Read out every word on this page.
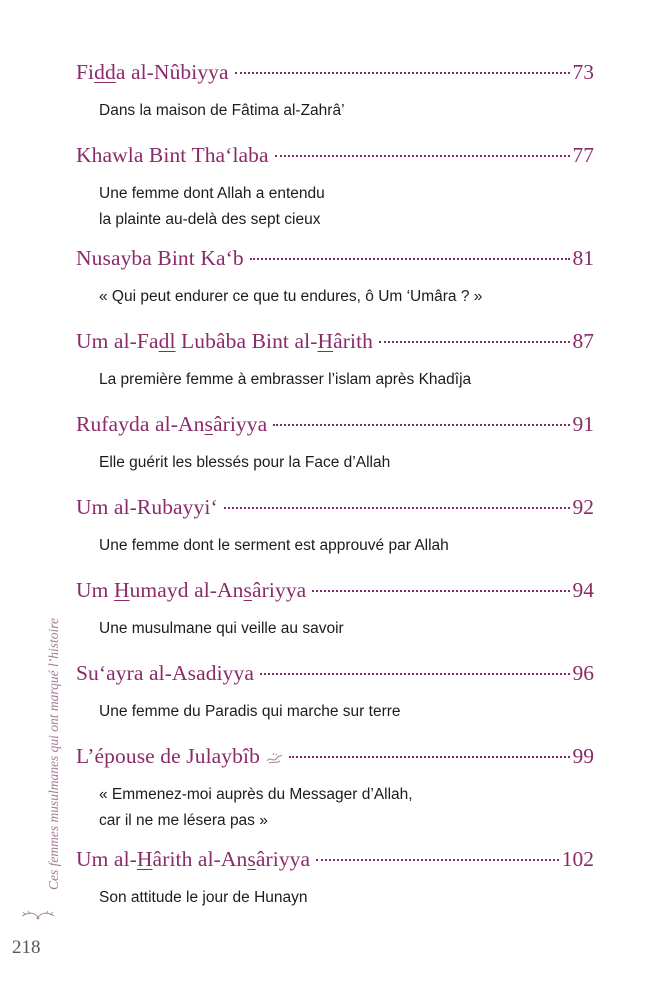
Fidda al-Nûbiyya	73
Dans la maison de Fâtima al-Zahrâ’
Khawla Bint Tha‘laba	77
Une femme dont Allah a entendu
la plainte au-delà des sept cieux
Nusayba Bint Ka‘b	81
« Qui peut endurer ce que tu endures, ô Um ‘Umâra ? »
Um al-Fadl Lubâba Bint al-Hârith	87
La première femme à embrasser l’islam après Khadîja
Rufayda al-Ansâriyya	91
Elle guérit les blessés pour la Face d’Allah
Um al-Rubayyi‘	92
Une femme dont le serment est approuvé par Allah
Um Humayd al-Ansâriyya	94
Une musulmane qui veille au savoir
Su‘ayra al-Asadiyya	96
Une femme du Paradis qui marche sur terre
L’épouse de Julaybîb	99
« Emmenez-moi auprès du Messager d’Allah,
car il ne me lésera pas »
Um al-Hârith al-Ansâriyya	102
Son attitude le jour de Hunayn
Ces femmes musulmanes qui ont marqué l’histoire
218
